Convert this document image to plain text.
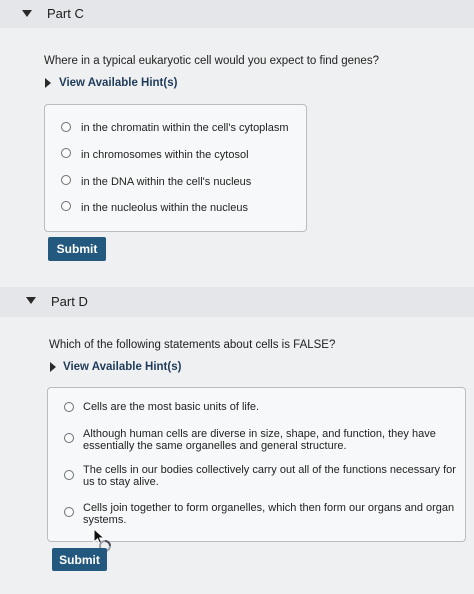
Part C
Where in a typical eukaryotic cell would you expect to find genes?
View Available Hint(s)
in the chromatin within the cell's cytoplasm
in chromosomes within the cytosol
in the DNA within the cell's nucleus
in the nucleolus within the nucleus
Submit
Part D
Which of the following statements about cells is FALSE?
View Available Hint(s)
Cells are the most basic units of life.
Although human cells are diverse in size, shape, and function, they have
essentially the same organelles and general structure.
The cells in our bodies collectively carry out all of the functions necessary for
us to stay alive.
Cells join together to form organelles, which then form our organs and organ
systems.
Submit
